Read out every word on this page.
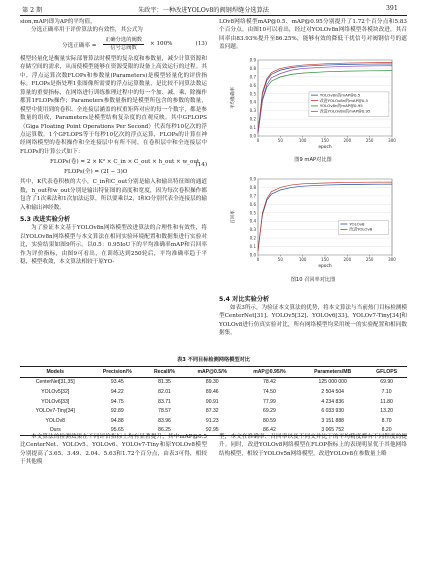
第 2 期	朱政宇：一种改进YOLOv8的阀钢焊缝分选算法	391

sion,mAP)即为AP的平均值。

分选正确率用于评价算法的有效性，其公式为

分选正确率 =
正确分选的阀数
信号总阀数
× 100%	(13)

模型轻量化是衡量实际部署算法时模型的复杂度和参数量，减少计算资源和存储空间的需求，从而使模型能够在资源受限的设备上高效运行的过程。其中，浮点运算次数FLOPs和参数量(Parameters)是模型轻量化的评价指标。FLOPs是指处理1张图像所需要的浮点运算数量，是比较不同算法数运算量的重要指标，在网络进行训练推理过程中的每一个加、减、乘、除操作都算1FLOPs操作；Parameters参数量指的是模型所包含的参数的数量，模型中使用到的卷积、全连接层涵盖的权重矩阵对应的每一个数字，都是参数量的组成，Parameters是模型结构复杂度的直观反映。其中GFLOPS（Giga Floating Point Operations Per Second）代表每秒10亿次的浮点运算数。1个GFLOPS等于每秒10亿次的浮点运算，FLOPs的计算在神经网络模型的卷积操作和全连接层中有所不同，在卷积层中和全连接层中FLOPs的计算公式如下：

FLOPs(卷) = 2 × K² × C_in × C_out × h_out × w_out
FLOPs(全) = (2I − 3)O
(14)

其中，K代表卷积核的大小，C_in和C_out分别是输入和输出特征图的通道数，h_out和w_out分别是输出特征图的高度和宽度，因为每次卷积操作都包含了1次乘法和1次加法运算，所以要乘以2，I和O分别代表全连接层的输入和输出神经数。

5.3 改进实验分析

为了验证本文基于YOLOv8n网络模型改进算法的合理性和有效性，将以YOLOv8n网络模型与本文算法在相同实验环境配置和数据集进行实验对比，实验结果如图9所示。以0.5：0.95IoU下的平均准确率mAP和召回率作为评价指标，由图9可看出，在训练达到250轮后，平均准确率趋于平稳，模型收敛，本文算法相较于原YO-

LOv8网络模型mAP@0.5、mAP@0.95分别提升了1.72个百分点和5.83个百分点。由图10可以看出，经过对YOLOv8n网络模型各模块改进，其召回率由83.93%提升至86.25%，能够有效的降低干扰信号对阀钢信号的遮盖问题。

0.0
0.1
0.2
0.3
0.4
0.5
0.6
0.7
0.8
0.9
0	50	100	150	200	250	300
epoch
平均准确率	YOLOv8n的mAP@0.5
改进YOLOv8n的mAP@0.5
YOLOv8n的mAP@0.95
改进YOLOv8n的mAP@0.95
图9 mAP对比图
0.0
0.1
0.2
0.3
0.4
0.5
0.6
0.7
0.8
0.9
0	50	100	150	200	250	300
epoch
召回率
YOLOv8
改进YOLOv8
图10 召回率对比图
5.4 对比实验分析

如表3所示，为验证本文算法的优势，将本文算法与当前热门目标检测模型CenterNet[31]、YOLOv5[32]、YOLOv6[33]、YOLOv7-Tiny[34]和YOLOv8进行仿真实验对比，所有网络模型均采用统一的实验配置和相同数据集。

表3 不同目标检测网络模型对比
Models	Precision/%	Recall/%	mAP@0.5/%	mAP@0.95/%	Parameters/MB	GFLOPS
CenterNet[31,35]	93.45	81.35	89.30	78.42	125 000 000	69.90
YOLOv5[32]	94.22	82.01	89.46	74.50	2 504 504	7.10
YOLOv6[33]	94.75	83.71	90.91	77.99	4 234 836	11.80
YOLOv7-Tiny[34]	92.89	78.57	87.32	69.29	6 033 930	13.20
YOLOv8	94.88	83.96	91.23	80.59	3 151 888	8.70
Ours	95.65	86.25	92.95	86.42	3 065 752	8.20

本文算法的检测效果在不同评价指标上均有显著提升，其中mAP@0.5比CenterNet、YOLOv5、YOLOv6、YOLOv7-Tiny和原YOLOv8模型分别提高了3.65、3.49、2.04、5.63和1.72个百分点，由表3可得，相较于其他模

型，本文在准确率、召回率以及不同交并比下的平均精度都有不同程度的提升。同时，改进YOLOv8网络模型在FLOP指标上的表现明显优于其他网络结构模型，相较于YOLOv5n网络模型，改进YOLOv8在参数量上略
